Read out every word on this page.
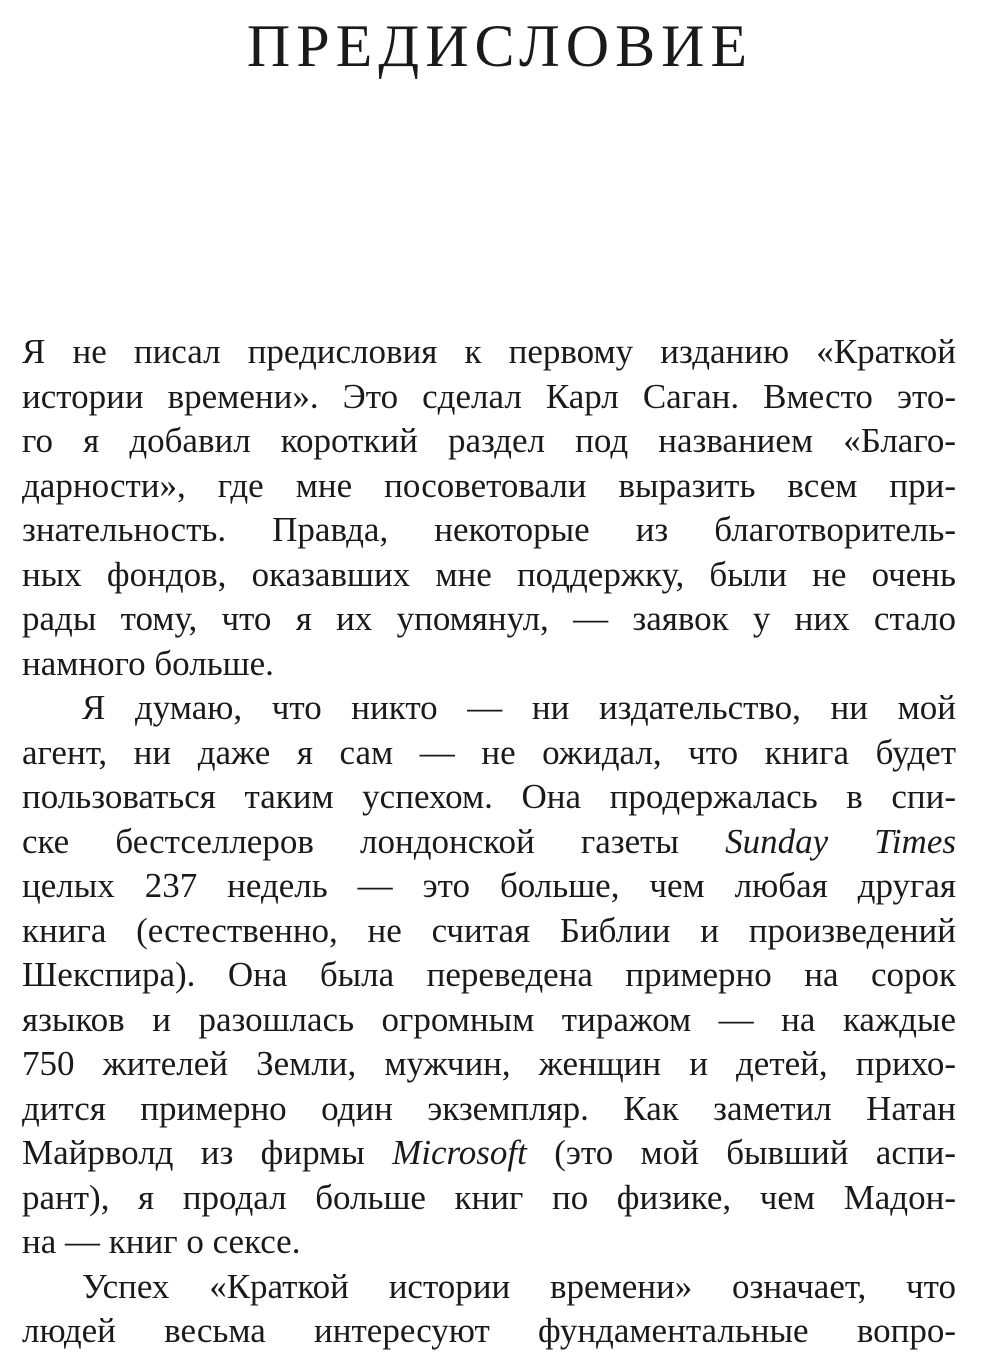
ПРЕДИСЛОВИЕ
Я не писал предисловия к первому изданию «Краткой
истории времени». Это сделал Карл Саган. Вместо это-
го я добавил короткий раздел под названием «Благо-
дарности», где мне посоветовали выразить всем при-
знательность. Правда, некоторые из благотворитель-
ных фондов, оказавших мне поддержку, были не очень
рады тому, что я их упомянул, — заявок у них стало
намного больше.
Я думаю, что никто — ни издательство, ни мой
агент, ни даже я сам — не ожидал, что книга будет
пользоваться таким успехом. Она продержалась в спи-
ске бестселлеров лондонской газеты Sunday Times
целых 237 недель — это больше, чем любая другая
книга (естественно, не считая Библии и произведений
Шекспира). Она была переведена примерно на сорок
языков и разошлась огромным тиражом — на каждые
750 жителей Земли, мужчин, женщин и детей, прихо-
дится примерно один экземпляр. Как заметил Натан
Майрволд из фирмы Microsoft (это мой бывший аспи-
рант), я продал больше книг по физике, чем Мадон-
на — книг о сексе.
Успех «Краткой истории времени» означает, что
людей весьма интересуют фундаментальные вопро-
